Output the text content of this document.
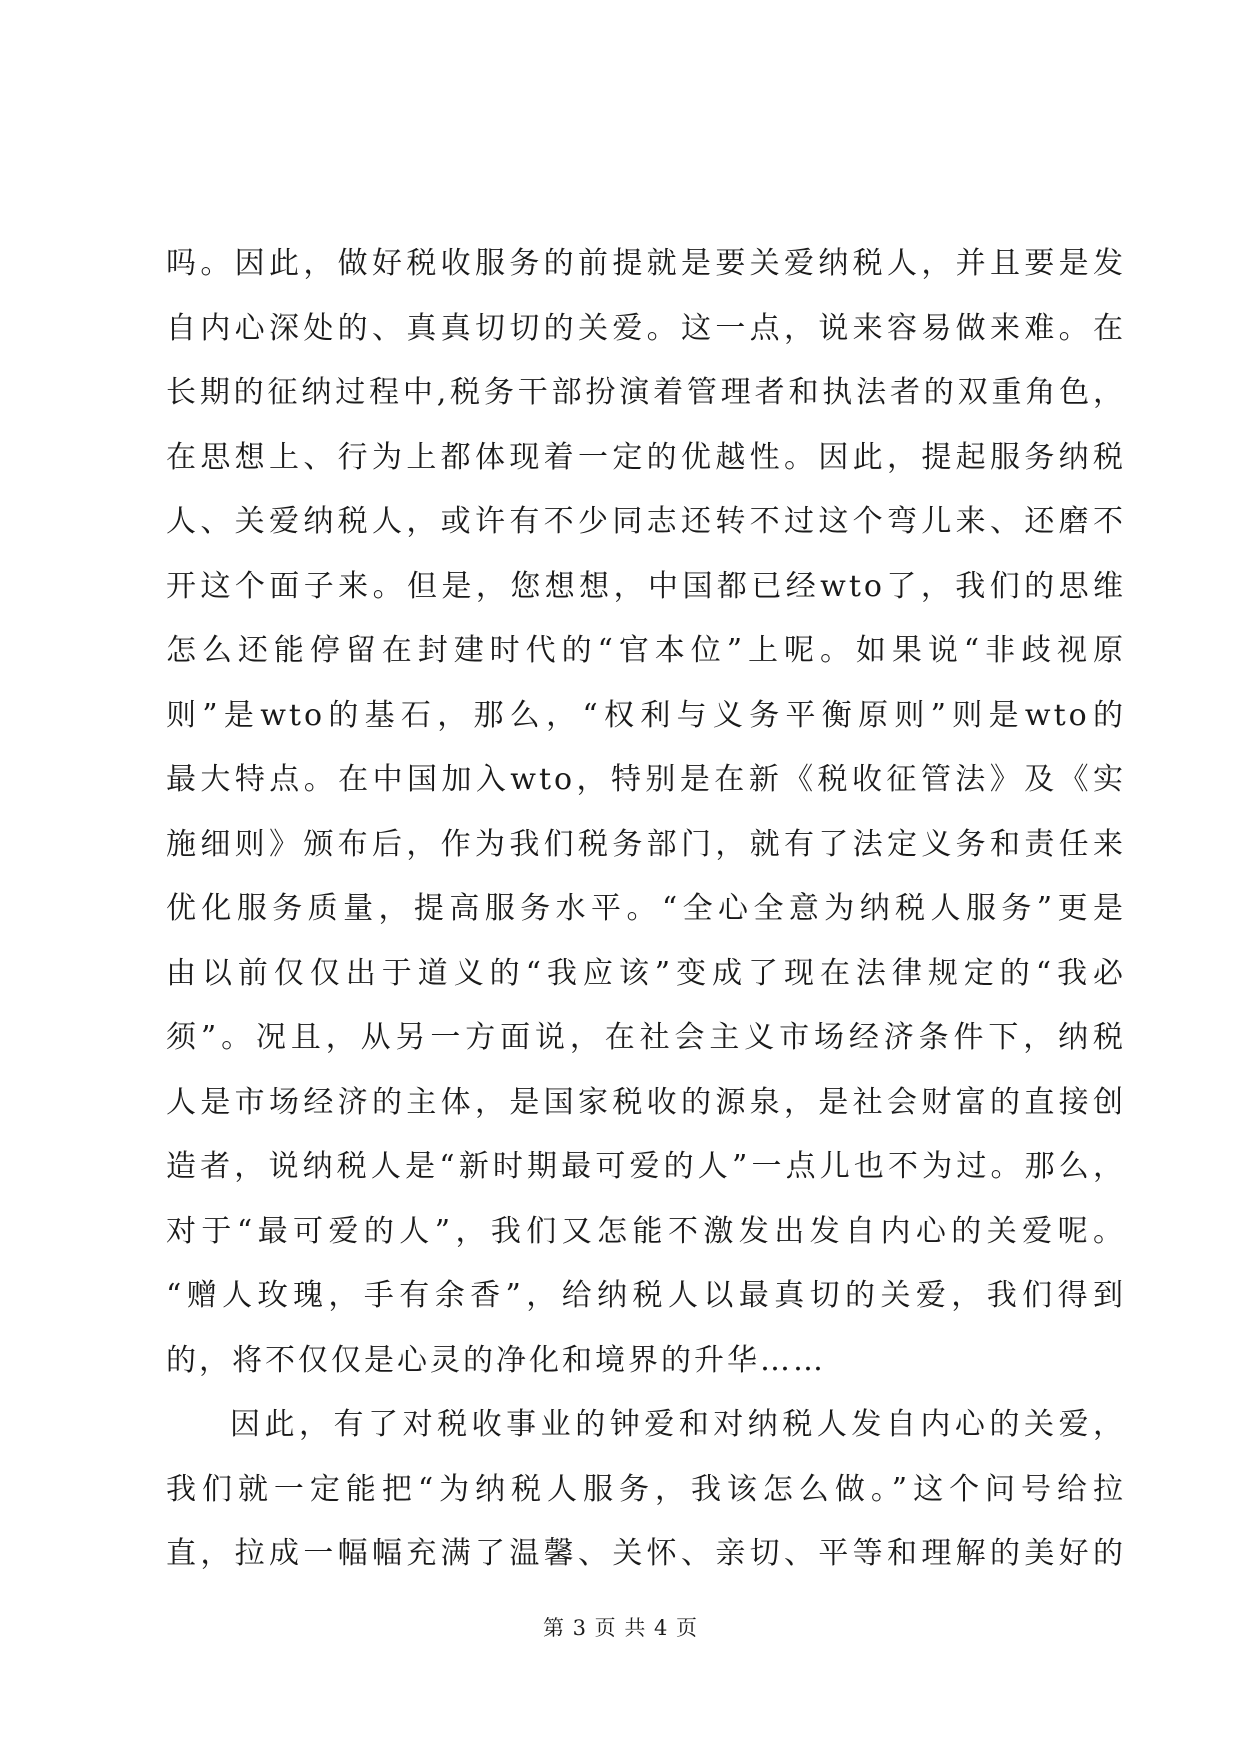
吗。因此，做好税收服务的前提就是要关爱纳税人，并且要是发
自内心深处的、真真切切的关爱。这一点，说来容易做来难。在
长期的征纳过程中,税务干部扮演着管理者和执法者的双重角色，
在思想上、行为上都体现着一定的优越性。因此，提起服务纳税
人、关爱纳税人，或许有不少同志还转不过这个弯儿来、还磨不
开这个面子来。但是，您想想，中国都已经wto了，我们的思维
怎么还能停留在封建时代的“官本位”上呢。如果说“非歧视原
则”是wto的基石，那么，“权利与义务平衡原则”则是wto的
最大特点。在中国加入wto，特别是在新《税收征管法》及《实
施细则》颁布后，作为我们税务部门，就有了法定义务和责任来
优化服务质量，提高服务水平。“全心全意为纳税人服务”更是
由以前仅仅出于道义的“我应该”变成了现在法律规定的“我必
须”。况且，从另一方面说，在社会主义市场经济条件下，纳税
人是市场经济的主体，是国家税收的源泉，是社会财富的直接创
造者，说纳税人是“新时期最可爱的人”一点儿也不为过。那么，
对于“最可爱的人”，我们又怎能不激发出发自内心的关爱呢。
“赠人玫瑰，手有余香”，给纳税人以最真切的关爱，我们得到
的，将不仅仅是心灵的净化和境界的升华……
因此，有了对税收事业的钟爱和对纳税人发自内心的关爱，
我们就一定能把“为纳税人服务，我该怎么做。”这个问号给拉
直，拉成一幅幅充满了温馨、关怀、亲切、平等和理解的美好的
第 3 页 共 4 页
